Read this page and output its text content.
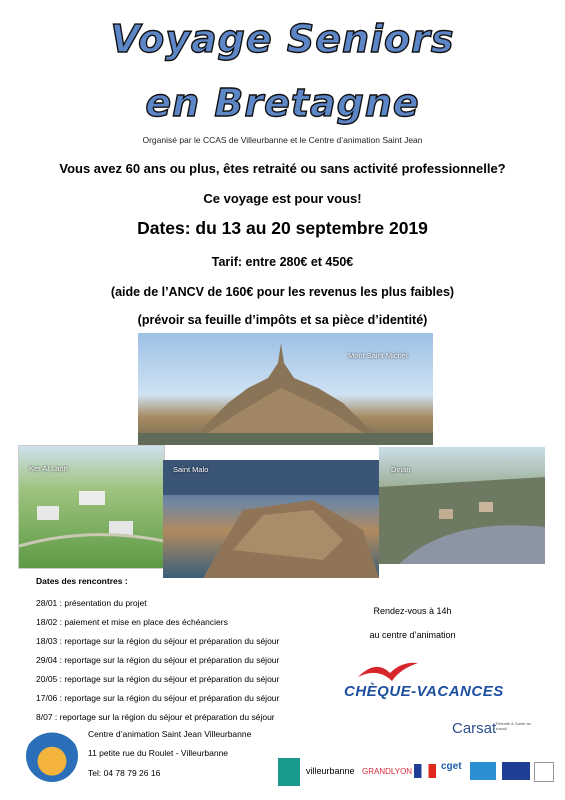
Voyage Seniors
en Bretagne
Organisé par le CCAS de Villeurbanne et le Centre d’animation Saint Jean
Vous avez 60 ans ou plus, êtes retraité ou sans activité professionnelle?
Ce voyage est pour vous!
Dates: du 13 au 20 septembre 2019
Tarif: entre 280€ et 450€
(aide de l’ANCV de 160€ pour les revenus les plus faibles)
(prévoir sa feuille d’impôts et sa pièce d’identité)
Mont Saint Michel
Ker Al Lann	Dinan
Saint Malo
Dates des rencontres :
28/01 : présentation du projet
18/02 : paiement et mise en place des échéanciers
18/03 : reportage sur la région du séjour et préparation du séjour
29/04 : reportage sur la région du séjour et préparation du séjour
20/05 : reportage sur la région du séjour et préparation du séjour
17/06 : reportage sur la région du séjour et préparation du séjour
8/07 : reportage sur la région du séjour et préparation du séjour
Rendez-vous à 14h
au centre d’animation
CHÈQUE-VACANCES
Carsat Retraite & Santé au travail
Centre d’animation Saint Jean Villeurbanne
11 petite rue du Roulet - Villeurbanne
Tel: 04 78 79 26 16	villeurbanne GRANDLYON	cget
